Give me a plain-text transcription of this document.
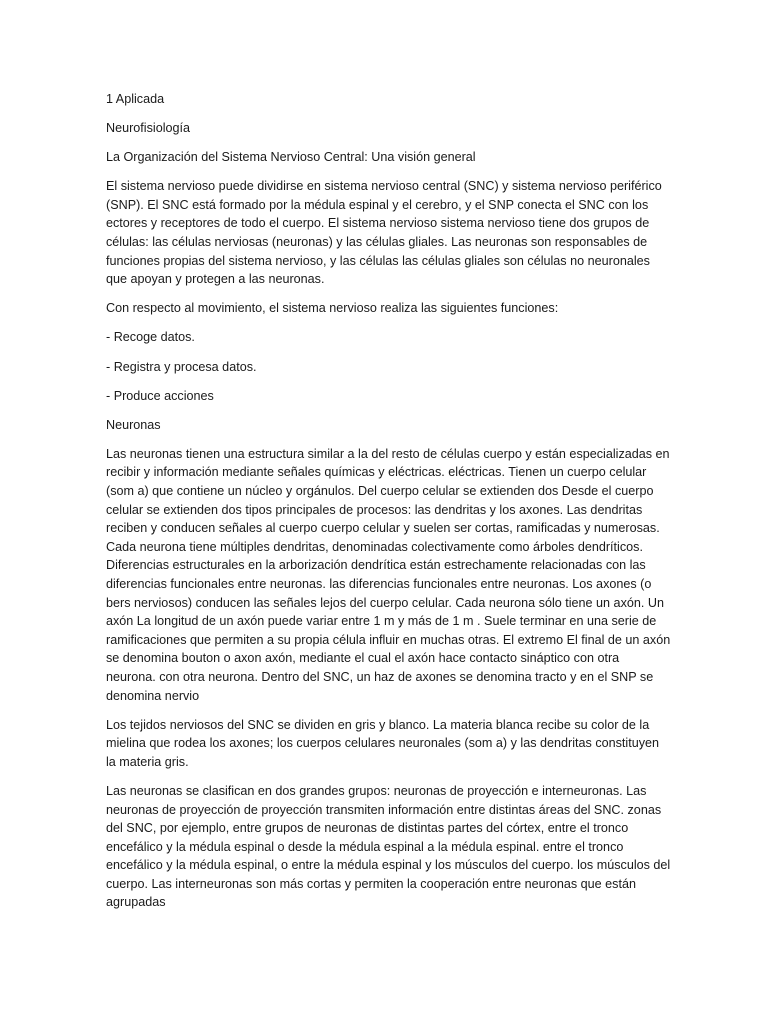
1 Aplicada

Neurofisiología

La Organización del Sistema Nervioso Central: Una visión general

El sistema nervioso puede dividirse en sistema nervioso central (SNC) y sistema nervioso periférico (SNP). El SNC está formado por la médula espinal y el cerebro, y el SNP conecta el SNC con los ectores y receptores de todo el cuerpo. El sistema nervioso sistema nervioso tiene dos grupos de células: las células nerviosas (neuronas) y las células gliales. Las neuronas son responsables de funciones propias del sistema nervioso, y las células las células gliales son células no neuronales que apoyan y protegen a las neuronas.

Con respecto al movimiento, el sistema nervioso realiza las siguientes funciones:

- Recoge datos.

- Registra y procesa datos.

- Produce acciones

Neuronas

Las neuronas tienen una estructura similar a la del resto de células cuerpo y están especializadas en recibir y información mediante señales químicas y eléctricas. eléctricas. Tienen un cuerpo celular (som a) que contiene un núcleo y orgánulos. Del cuerpo celular se extienden dos Desde el cuerpo celular se extienden dos tipos principales de procesos: las dendritas y los axones. Las dendritas reciben y conducen señales al cuerpo cuerpo celular y suelen ser cortas, ramificadas y numerosas. Cada neurona tiene múltiples dendritas, denominadas colectivamente como árboles dendríticos. Diferencias estructurales en la arborización dendrítica están estrechamente relacionadas con las diferencias funcionales entre neuronas. las diferencias funcionales entre neuronas. Los axones (o bers nerviosos) conducen las señales lejos del cuerpo celular. Cada neurona sólo tiene un axón. Un axón La longitud de un axón puede variar entre 1 m y más de 1 m . Suele terminar en una serie de ramificaciones que permiten a su propia célula influir en muchas otras. El extremo El final de un axón se denomina bouton o axon axón, mediante el cual el axón hace contacto sináptico con otra neurona. con otra neurona. Dentro del SNC, un haz de axones se denomina tracto y en el SNP se denomina nervio

Los tejidos nerviosos del SNC se dividen en gris y blanco. La materia blanca recibe su color de la mielina que rodea los axones; los cuerpos celulares neuronales (som a) y las dendritas constituyen la materia gris.

Las neuronas se clasifican en dos grandes grupos: neuronas de proyección e interneuronas. Las neuronas de proyección de proyección transmiten información entre distintas áreas del SNC. zonas del SNC, por ejemplo, entre grupos de neuronas de distintas partes del córtex, entre el tronco encefálico y la médula espinal o desde la médula espinal a la médula espinal. entre el tronco encefálico y la médula espinal, o entre la médula espinal y los músculos del cuerpo. los músculos del cuerpo. Las interneuronas son más cortas y permiten la cooperación entre neuronas que están agrupadas
